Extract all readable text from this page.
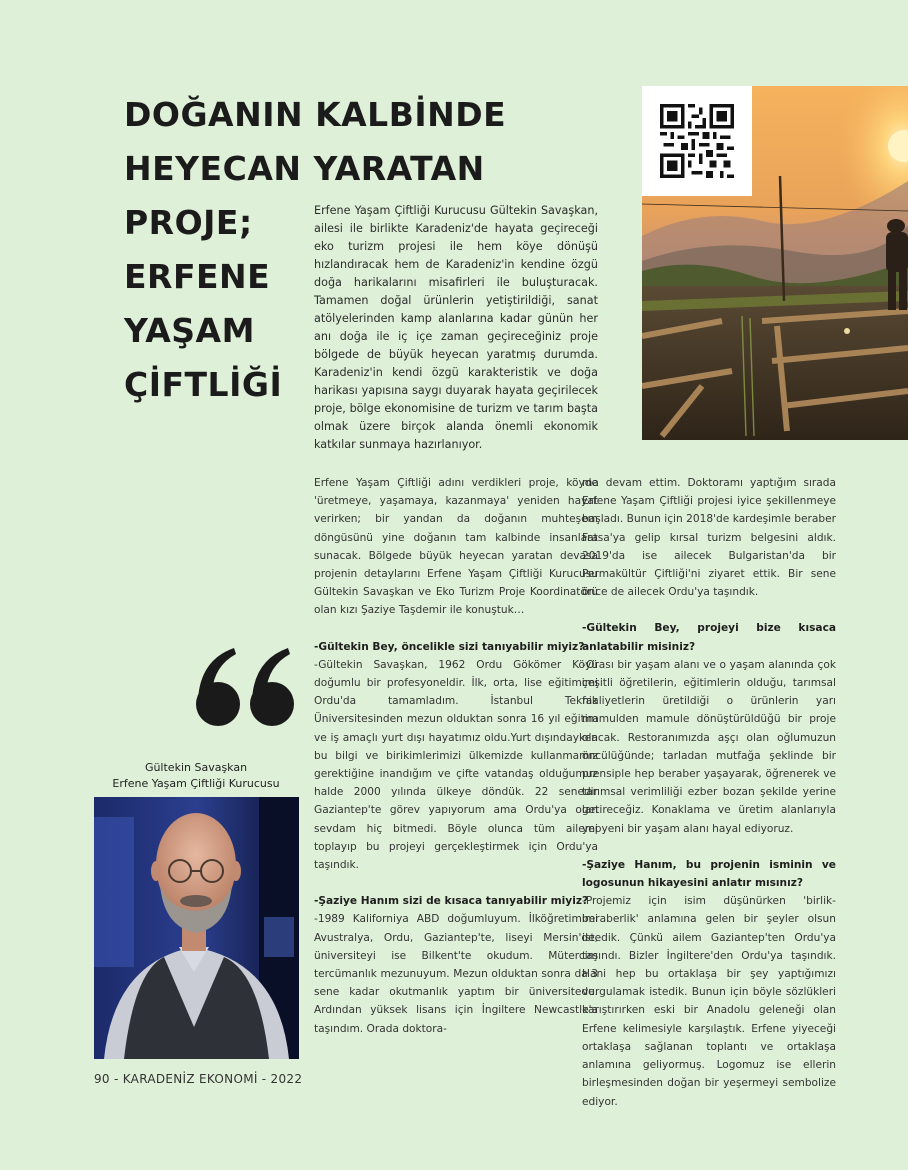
DOĞANIN KALBİNDE
HEYECAN YARATAN
PROJE;
ERFENE
YAŞAM
ÇİFTLİĞİ
Erfene Yaşam Çiftliği Kurucusu Gültekin Savaşkan, ailesi ile birlikte Karadeniz'de hayata geçireceği eko turizm projesi ile hem köye dönüşü hızlandıracak hem de Karadeniz'in kendine özgü doğa harikalarını misafirleri ile buluşturacak. Tamamen doğal ürünlerin yetiştirildiği, sanat atölyelerinden kamp alanlarına kadar günün her anı doğa ile iç içe zaman geçireceğiniz proje bölgede de büyük heyecan yaratmış durumda. Karadeniz'in kendi özgü karakteristik ve doğa harikası yapısına saygı duyarak hayata geçirilecek proje, bölge ekonomisine de turizm ve tarım başta olmak üzere birçok alanda önemli ekonomik katkılar sunmaya hazırlanıyor.

Erfene Yaşam Çiftliği adını verdikleri proje, köyde 'üretmeye, yaşamaya, kazanmaya' yeniden hayat verirken; bir yandan da doğanın muhteşem döngüsünü yine doğanın tam kalbinde insanlara sunacak. Bölgede büyük heyecan yaratan devasa projenin detaylarını Erfene Yaşam Çiftliği Kurucusu Gültekin Savaşkan ve Eko Turizm Proje Koordinatörü olan kızı Şaziye Taşdemir ile konuştuk…

-Gültekin Bey, öncelikle sizi tanıyabilir miyiz?

-Gültekin Savaşkan, 1962 Ordu Gökömer Köyü doğumlu bir profesyoneldir. İlk, orta, lise eğitimimi Ordu'da tamamladım. İstanbul Teknik Üniversitesinden mezun olduktan sonra 16 yıl eğitim ve iş amaçlı yurt dışı hayatımız oldu.Yurt dışındayken bu bilgi ve birikimlerimizi ülkemizde kullanmamız gerektiğine inandığım ve çifte vatandaş olduğumuz halde 2000 yılında ülkeye döndük. 22 senedir Gaziantep'te görev yapıyorum ama Ordu'ya olan sevdam hiç bitmedi. Böyle olunca tüm ailemi toplayıp bu projeyi gerçekleştirmek için Ordu'ya taşındık.

-Şaziye Hanım sizi de kısaca tanıyabilir miyiz?

-1989 Kaliforniya ABD doğumluyum. İlköğretimimi Avustralya, Ordu, Gaziantep'te, liseyi Mersin'de, üniversiteyi ise Bilkent'te okudum. Mütercim tercümanlık mezunuyum. Mezun olduktan sonra da 3 sene kadar okutmanlık yaptım bir üniversitede. Ardından yüksek lisans için İngiltere Newcastle'a taşındım. Orada doktora-

ma devam ettim. Doktoramı yaptığım sırada Erfene Yaşam Çiftliği projesi iyice şekillenmeye başladı. Bunun için 2018'de kardeşimle beraber Fatsa'ya gelip kırsal turizm belgesini aldık. 2019'da ise ailecek Bulgaristan'da bir Permakültür Çiftliği'ni ziyaret ettik. Bir sene önce de ailecek Ordu'ya taşındık.

-Gültekin Bey, projeyi bize kısaca anlatabilir misiniz?

-Orası bir yaşam alanı ve o yaşam alanında çok çeşitli öğretilerin, eğitimlerin olduğu, tarımsal faaliyetlerin üretildiği o ürünlerin yarı mamulden mamule dönüştürüldüğü bir proje olacak. Restoranımızda aşçı olan oğlumuzun öncülüğünde; tarladan mutfağa şeklinde bir prensiple hep beraber yaşayarak, öğrenerek ve tarımsal verimliliği ezber bozan şekilde yerine getireceğiz. Konaklama ve üretim alanlarıyla yepyeni bir yaşam alanı hayal ediyoruz.

-Şaziye Hanım, bu projenin isminin ve logosunun hikayesini anlatır mısınız?

-Projemiz için isim düşünürken 'birlik-beraberlik' anlamına gelen bir şeyler olsun istedik. Çünkü ailem Gaziantep'ten Ordu'ya taşındı. Bizler İngiltere'den Ordu'ya taşındık. Hani hep bu ortaklaşa bir şey yaptığımızı vurgulamak istedik. Bunun için böyle sözlükleri karıştırırken eski bir Anadolu geleneği olan Erfene kelimesiyle karşılaştık. Erfene yiyeceği ortaklaşa sağlanan toplantı ve ortaklaşa anlamına geliyormuş. Logomuz ise ellerin birleşmesinden doğan bir yeşermeyi sembolize ediyor.

Gültekin Savaşkan
Erfene Yaşam Çiftliği Kurucusu
90 - KARADENİZ EKONOMİ - 2022
